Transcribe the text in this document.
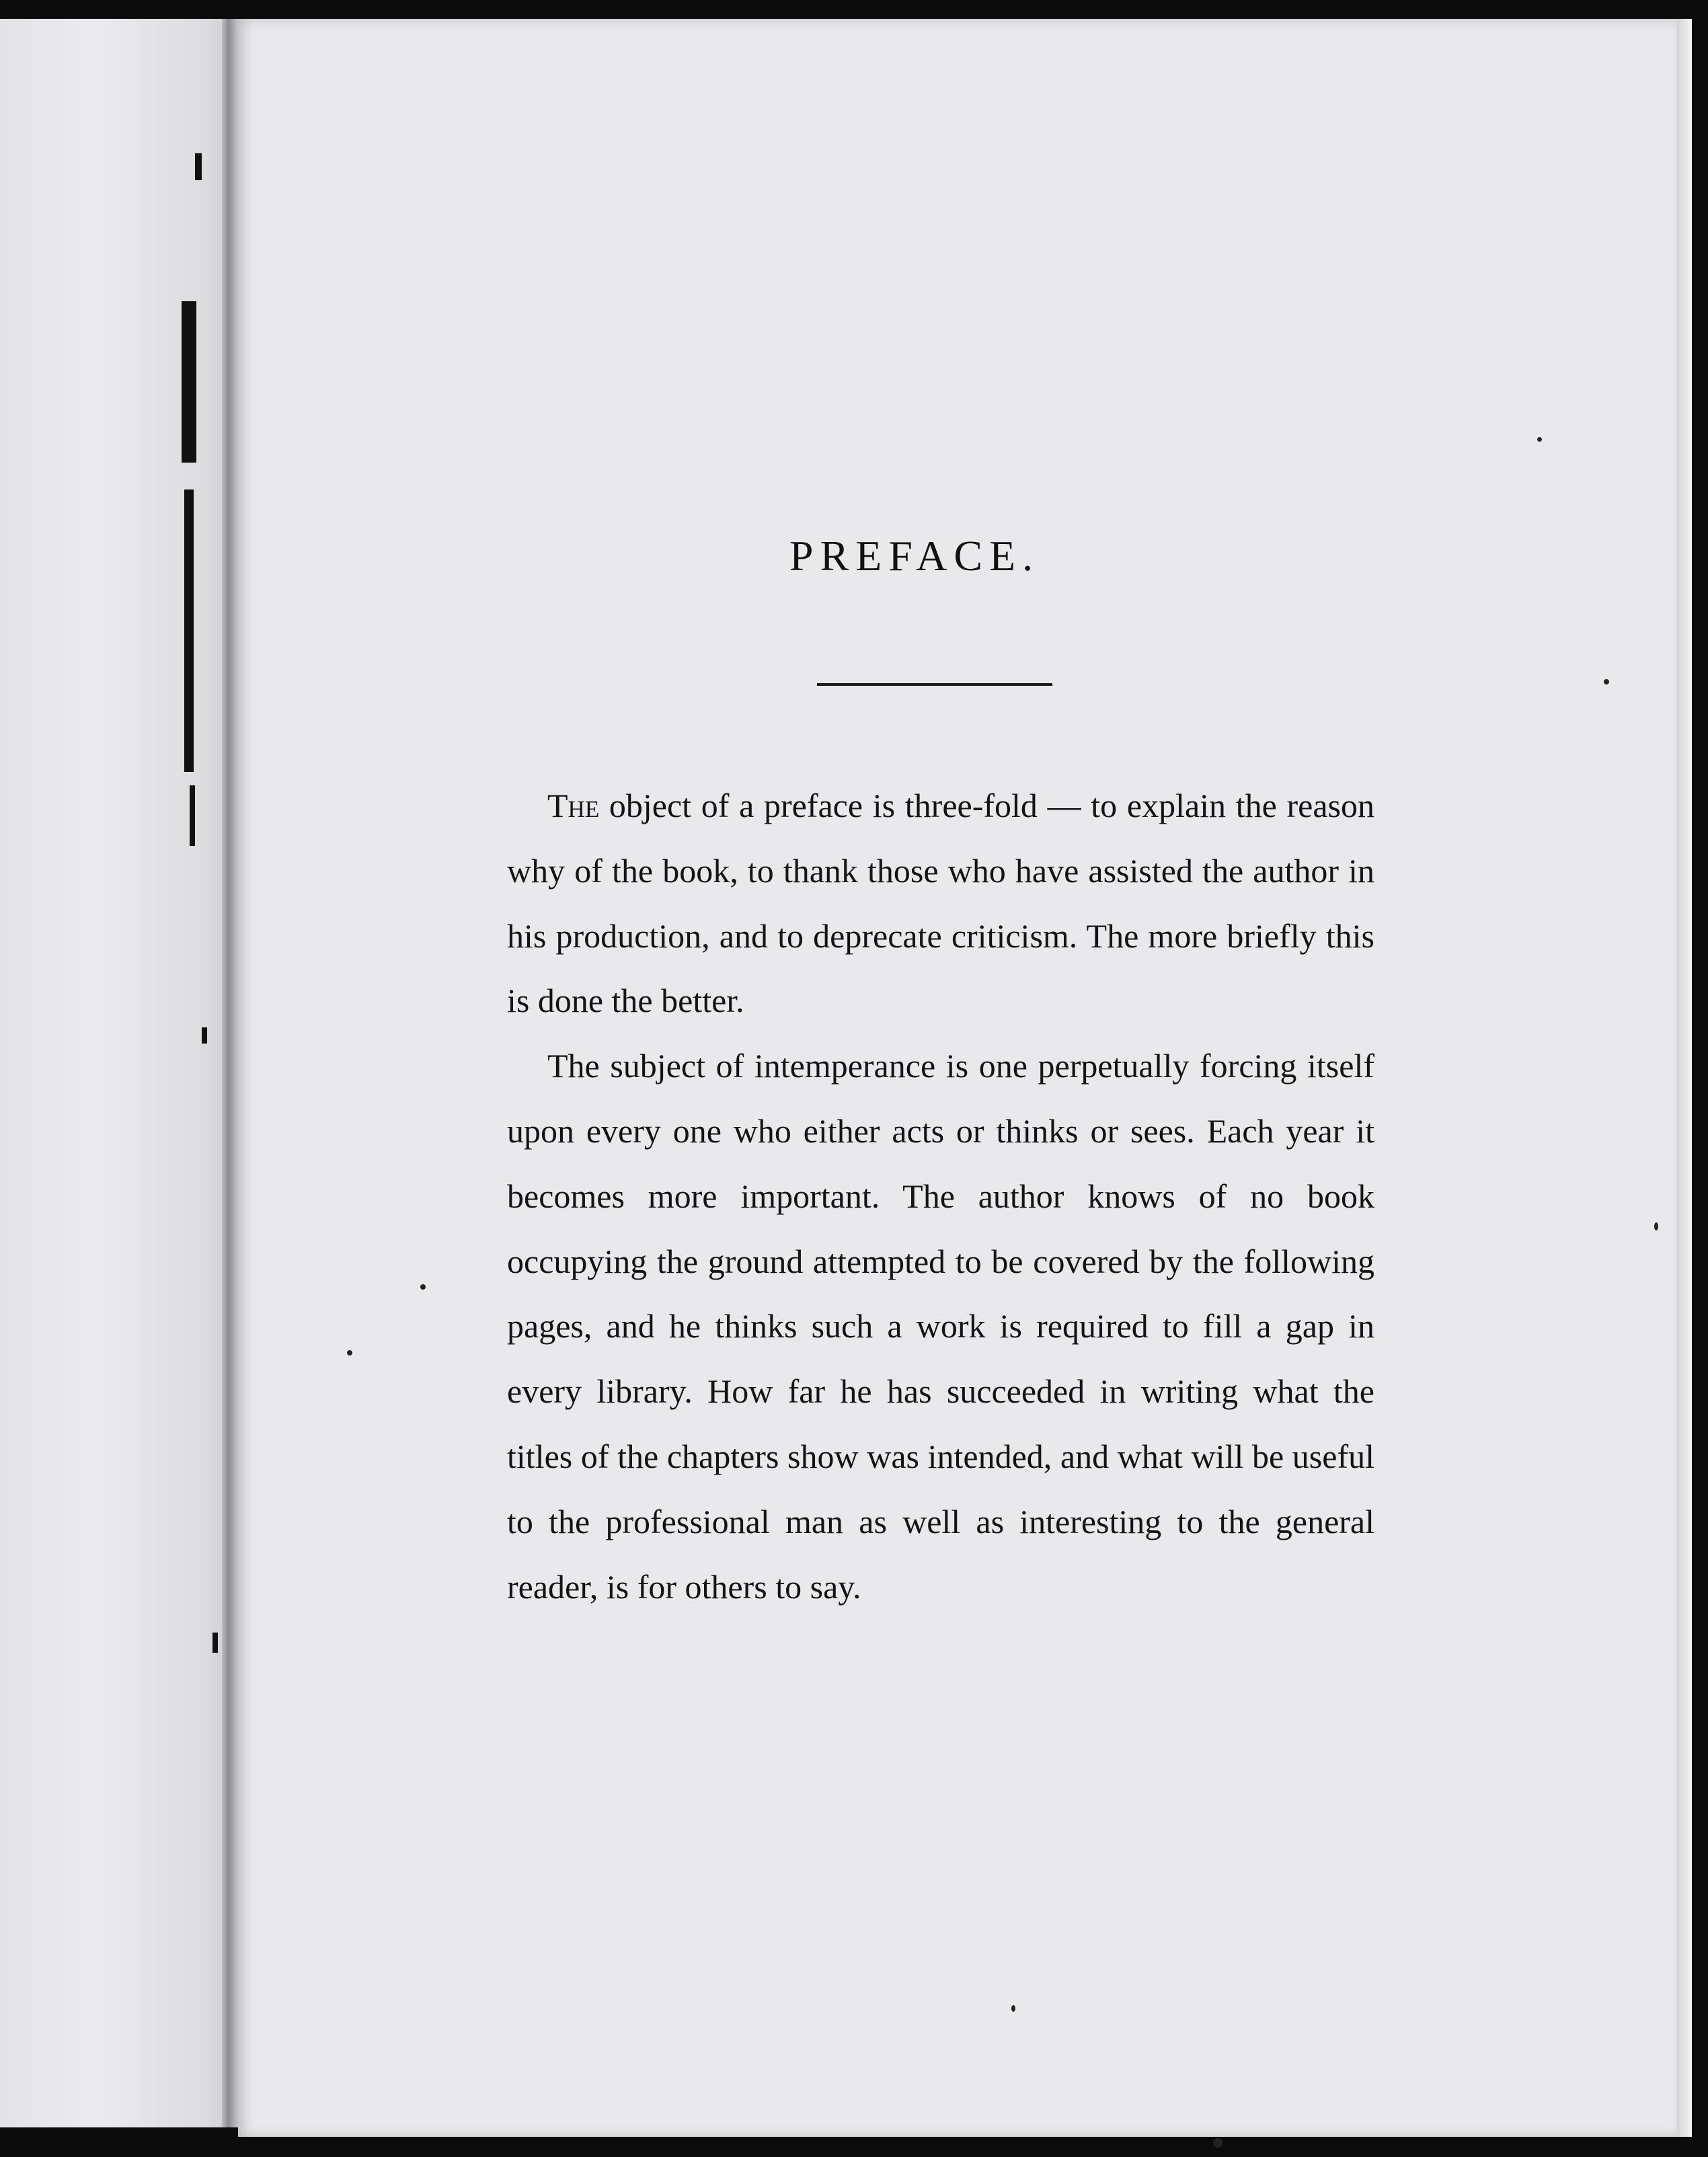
PREFACE.

The object of a preface is three-fold — to explain the reason why of the book, to thank those who have assisted the author in his production, and to deprecate criticism. The more briefly this is done the better.

The subject of intemperance is one perpetually forcing itself upon every one who either acts or thinks or sees. Each year it becomes more important. The author knows of no book occupying the ground attempted to be covered by the following pages, and he thinks such a work is required to fill a gap in every library. How far he has succeeded in writing what the titles of the chapters show was intended, and what will be useful to the professional man as well as interesting to the general reader, is for others to say.
